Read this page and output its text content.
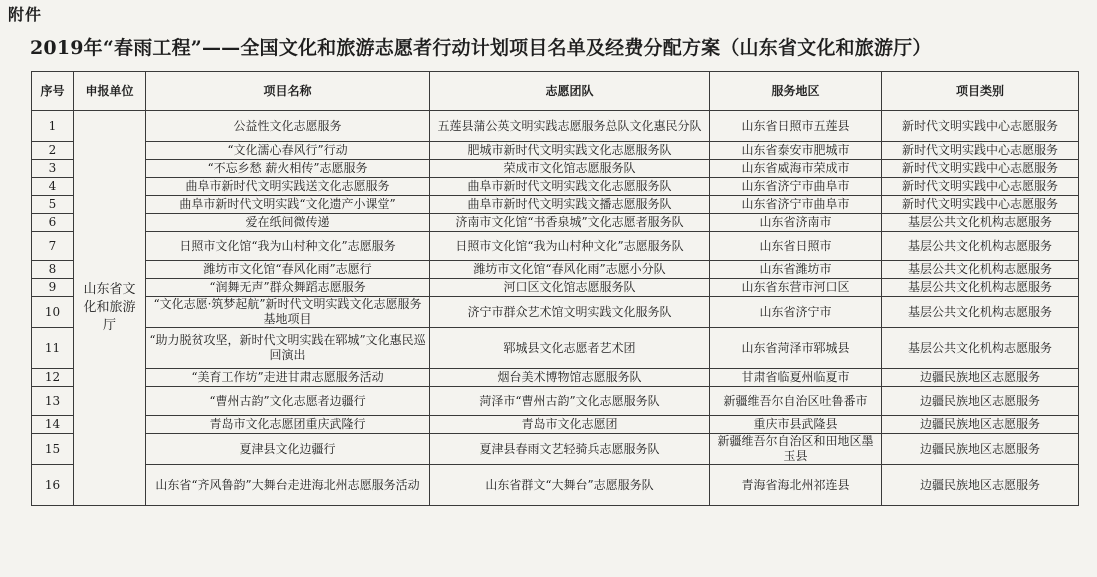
附件
2019年“春雨工程”——全国文化和旅游志愿者行动计划项目名单及经费分配方案（山东省文化和旅游厅）
序号	申报单位	项目名称	志愿团队	服务地区	项目类别
1	山东省文化和旅游厅	公益性文化志愿服务	五莲县蒲公英文明实践志愿服务总队文化惠民分队	山东省日照市五莲县	新时代文明实践中心志愿服务
2		“文化濡心春风行”行动	肥城市新时代文明实践文化志愿服务队	山东省泰安市肥城市	新时代文明实践中心志愿服务
3		“不忘乡愁 薪火相传”志愿服务	荣成市文化馆志愿服务队	山东省威海市荣成市	新时代文明实践中心志愿服务
4		曲阜市新时代文明实践送文化志愿服务	曲阜市新时代文明实践文化志愿服务队	山东省济宁市曲阜市	新时代文明实践中心志愿服务
5		曲阜市新时代文明实践“文化遗产小课堂”	曲阜市新时代文明实践文播志愿服务队	山东省济宁市曲阜市	新时代文明实践中心志愿服务
6		爱在纸间微传递	济南市文化馆“书香泉城”文化志愿者服务队	山东省济南市	基层公共文化机构志愿服务
7		日照市文化馆“我为山村种文化”志愿服务	日照市文化馆“我为山村种文化”志愿服务队	山东省日照市	基层公共文化机构志愿服务
8		潍坊市文化馆“春风化雨”志愿行	潍坊市文化馆“春风化雨”志愿小分队	山东省潍坊市	基层公共文化机构志愿服务
9		“润舞无声”群众舞蹈志愿服务	河口区文化馆志愿服务队	山东省东营市河口区	基层公共文化机构志愿服务
10		“文化志愿·筑梦起航”新时代文明实践文化志愿服务基地项目	济宁市群众艺术馆文明实践文化服务队	山东省济宁市	基层公共文化机构志愿服务
11		“助力脱贫攻坚，新时代文明实践在郓城”文化惠民巡回演出	郓城县文化志愿者艺术团	山东省菏泽市郓城县	基层公共文化机构志愿服务
12		“美育工作坊”走进甘肃志愿服务活动	烟台美术博物馆志愿服务队	甘肃省临夏州临夏市	边疆民族地区志愿服务
13		“曹州古韵”文化志愿者边疆行	菏泽市“曹州古韵”文化志愿服务队	新疆维吾尔自治区吐鲁番市	边疆民族地区志愿服务
14		青岛市文化志愿团重庆武隆行	青岛市文化志愿团	重庆市县武隆县	边疆民族地区志愿服务
15		夏津县文化边疆行	夏津县春雨文艺轻骑兵志愿服务队	新疆维吾尔自治区和田地区墨玉县	边疆民族地区志愿服务
16		山东省“齐风鲁韵”大舞台走进海北州志愿服务活动	山东省群文“大舞台”志愿服务队	青海省海北州祁连县	边疆民族地区志愿服务
